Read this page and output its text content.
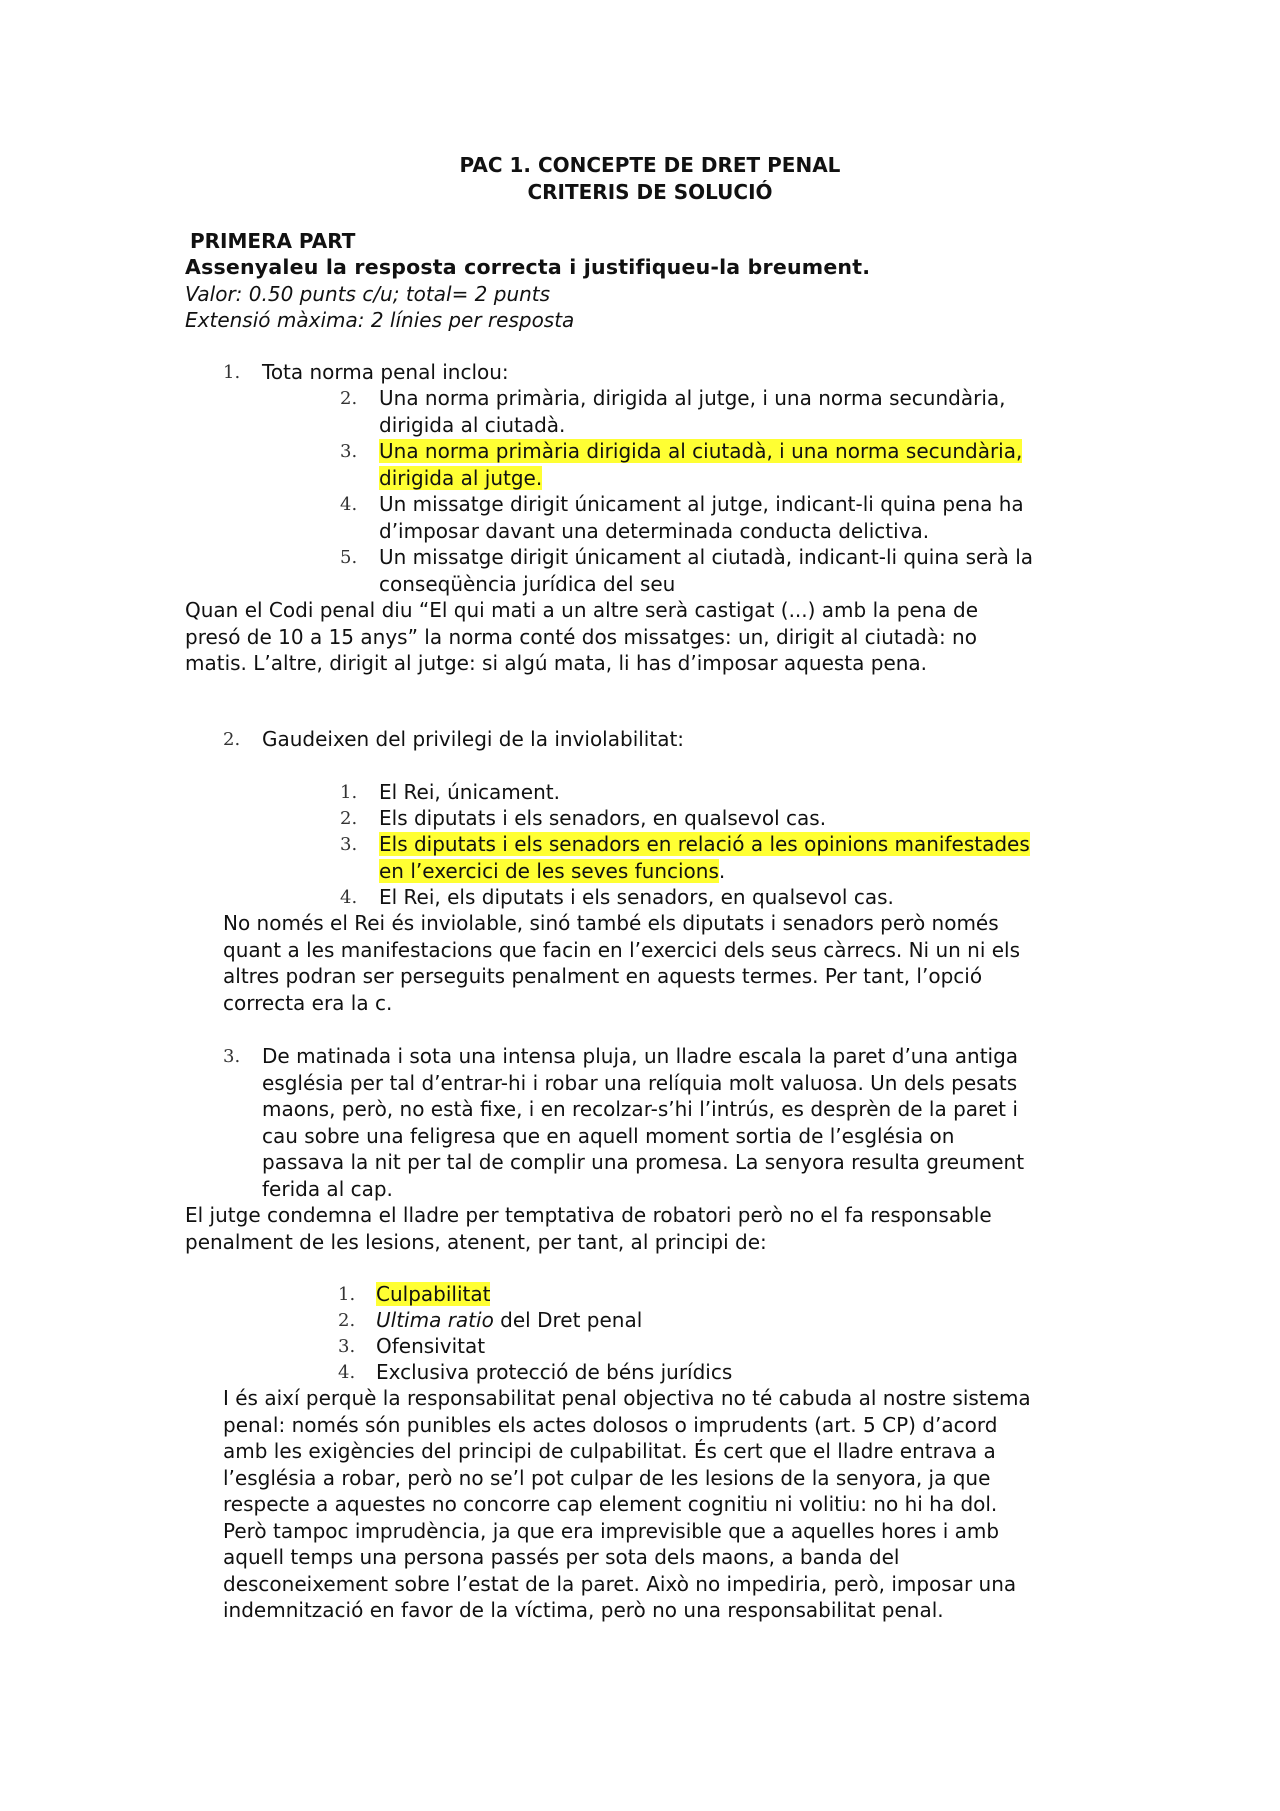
PAC 1. CONCEPTE DE DRET PENAL
CRITERIS DE SOLUCIÓ
PRIMERA PART
Assenyaleu la resposta correcta i justifiqueu-la breument.
Valor: 0.50 punts c/u; total= 2 punts
Extensió màxima: 2 línies per resposta
1. Tota norma penal inclou:
2. Una norma primària, dirigida al jutge, i una norma secundària,
dirigida al ciutadà.
3. Una norma primària dirigida al ciutadà, i una norma secundària,
dirigida al jutge.
4. Un missatge dirigit únicament al jutge, indicant-li quina pena ha
d’imposar davant una determinada conducta delictiva.
5. Un missatge dirigit únicament al ciutadà, indicant-li quina serà la
conseqüència jurídica del seu
Quan el Codi penal diu “El qui mati a un altre serà castigat (...) amb la pena de
presó de 10 a 15 anys” la norma conté dos missatges: un, dirigit al ciutadà: no
matis. L’altre, dirigit al jutge: si algú mata, li has d’imposar aquesta pena.
2. Gaudeixen del privilegi de la inviolabilitat:
1. El Rei, únicament.
2. Els diputats i els senadors, en qualsevol cas.
3. Els diputats i els senadors en relació a les opinions manifestades
en l’exercici de les seves funcions.
4. El Rei, els diputats i els senadors, en qualsevol cas.
No només el Rei és inviolable, sinó també els diputats i senadors però només
quant a les manifestacions que facin en l’exercici dels seus càrrecs. Ni un ni els
altres podran ser perseguits penalment en aquests termes. Per tant, l’opció
correcta era la c.
3. De matinada i sota una intensa pluja, un lladre escala la paret d’una antiga
església per tal d’entrar-hi i robar una relíquia molt valuosa. Un dels pesats
maons, però, no està fixe, i en recolzar-s’hi l’intrús, es desprèn de la paret i
cau sobre una feligresa que en aquell moment sortia de l’església on
passava la nit per tal de complir una promesa. La senyora resulta greument
ferida al cap.
El jutge condemna el lladre per temptativa de robatori però no el fa responsable
penalment de les lesions, atenent, per tant, al principi de:
1. Culpabilitat
2. Ultima ratio del Dret penal
3. Ofensivitat
4. Exclusiva protecció de béns jurídics
I és així perquè la responsabilitat penal objectiva no té cabuda al nostre sistema
penal: només són punibles els actes dolosos o imprudents (art. 5 CP) d’acord
amb les exigències del principi de culpabilitat. És cert que el lladre entrava a
l’església a robar, però no se’l pot culpar de les lesions de la senyora, ja que
respecte a aquestes no concorre cap element cognitiu ni volitiu: no hi ha dol.
Però tampoc imprudència, ja que era imprevisible que a aquelles hores i amb
aquell temps una persona passés per sota dels maons, a banda del
desconeixement sobre l’estat de la paret. Això no impediria, però, imposar una
indemnització en favor de la víctima, però no una responsabilitat penal.
